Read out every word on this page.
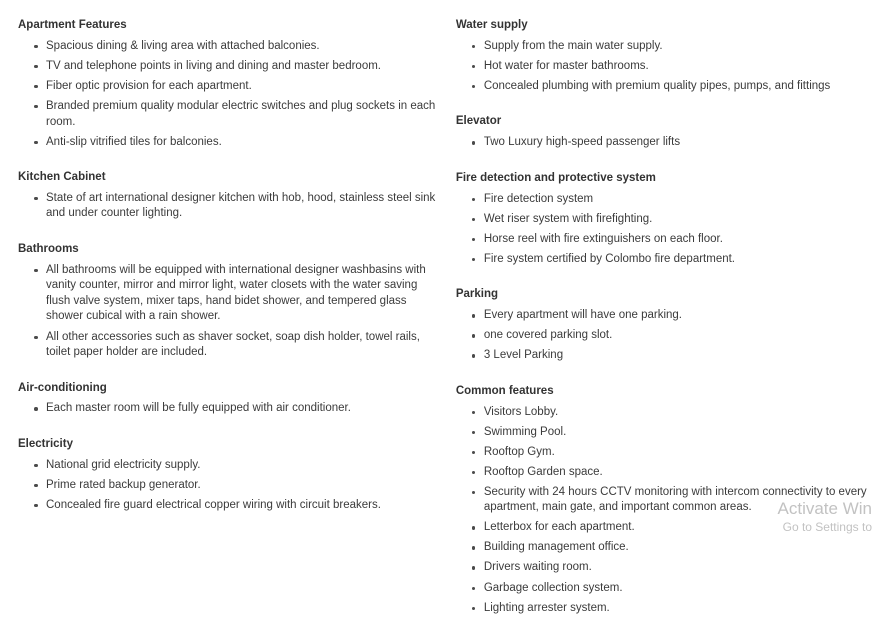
Apartment Features
Spacious dining & living area with attached balconies.
TV and telephone points in living and dining and master bedroom.
Fiber optic provision for each apartment.
Branded premium quality modular electric switches and plug sockets in each room.
Anti-slip vitrified tiles for balconies.
Kitchen Cabinet
State of art international designer kitchen with hob, hood, stainless steel sink and under counter lighting.
Bathrooms
All bathrooms will be equipped with international designer washbasins with vanity counter, mirror and mirror light, water closets with the water saving flush valve system, mixer taps, hand bidet shower, and tempered glass shower cubical with a rain shower.
All other accessories such as shaver socket, soap dish holder, towel rails, toilet paper holder are included.
Air-conditioning
Each master room will be fully equipped with air conditioner.
Electricity
National grid electricity supply.
Prime rated backup generator.
Concealed fire guard electrical copper wiring with circuit breakers.
Water supply
Supply from the main water supply.
Hot water for master bathrooms.
Concealed plumbing with premium quality pipes, pumps, and fittings
Elevator
Two Luxury high-speed passenger lifts
Fire detection and protective system
Fire detection system
Wet riser system with firefighting.
Horse reel with fire extinguishers on each floor.
Fire system certified by Colombo fire department.
Parking
Every apartment will have one parking.
one covered parking slot.
3 Level Parking
Common features
Visitors Lobby.
Swimming Pool.
Rooftop Gym.
Rooftop Garden space.
Security with 24 hours CCTV monitoring with intercom connectivity to every apartment, main gate, and important common areas.
Letterbox for each apartment.
Building management office.
Drivers waiting room.
Garbage collection system.
Lighting arrester system.
Activate Win
Go to Settings to
